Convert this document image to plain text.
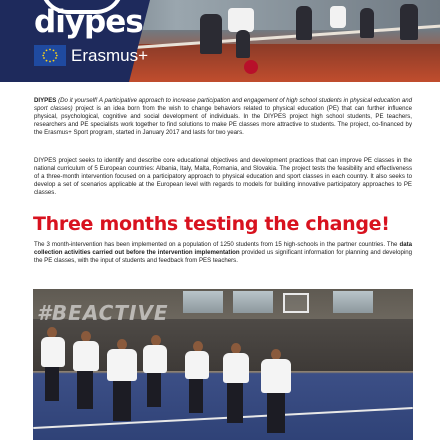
diypes
Erasmus+

DIYPES (Do it yourself! A participative approach to increase participation and engagement of high school students in physical education and sport classes) project is an idea born from the wish to change behaviors related to physical education (PE) that can further influence physical, psychological, cognitive and social development of individuals. In the DIYPES project high school students, PE teachers, researchers and PE specialists work together to find solutions to make PE classes more attractive to students. The project, co-financed by the Erasmus+ Sport program, started in January 2017 and lasts for two years.

DIYPES project seeks to identify and describe core educational objectives and development practices that can improve PE classes in the national curriculum of 5 European countries: Albania, Italy, Malta, Romania, and Slovakia. The project tests the feasibility and effectiveness of a three-month intervention focused on a participatory approach to physical education and sport classes in each country. It also seeks to develop a set of scenarios applicable at the European level with regards to models for building innovative participatory approaches to PE classes.

Three months testing the change!

The 3 month-intervention has been implemented on a population of 1250 students from 15 high-schools in the partner countries. The data collection activities carried out before the intervention implementation provided us significant information for planning and developing the PE classes, with the input of students and feedback from PES teachers.

#BEACTIVE
